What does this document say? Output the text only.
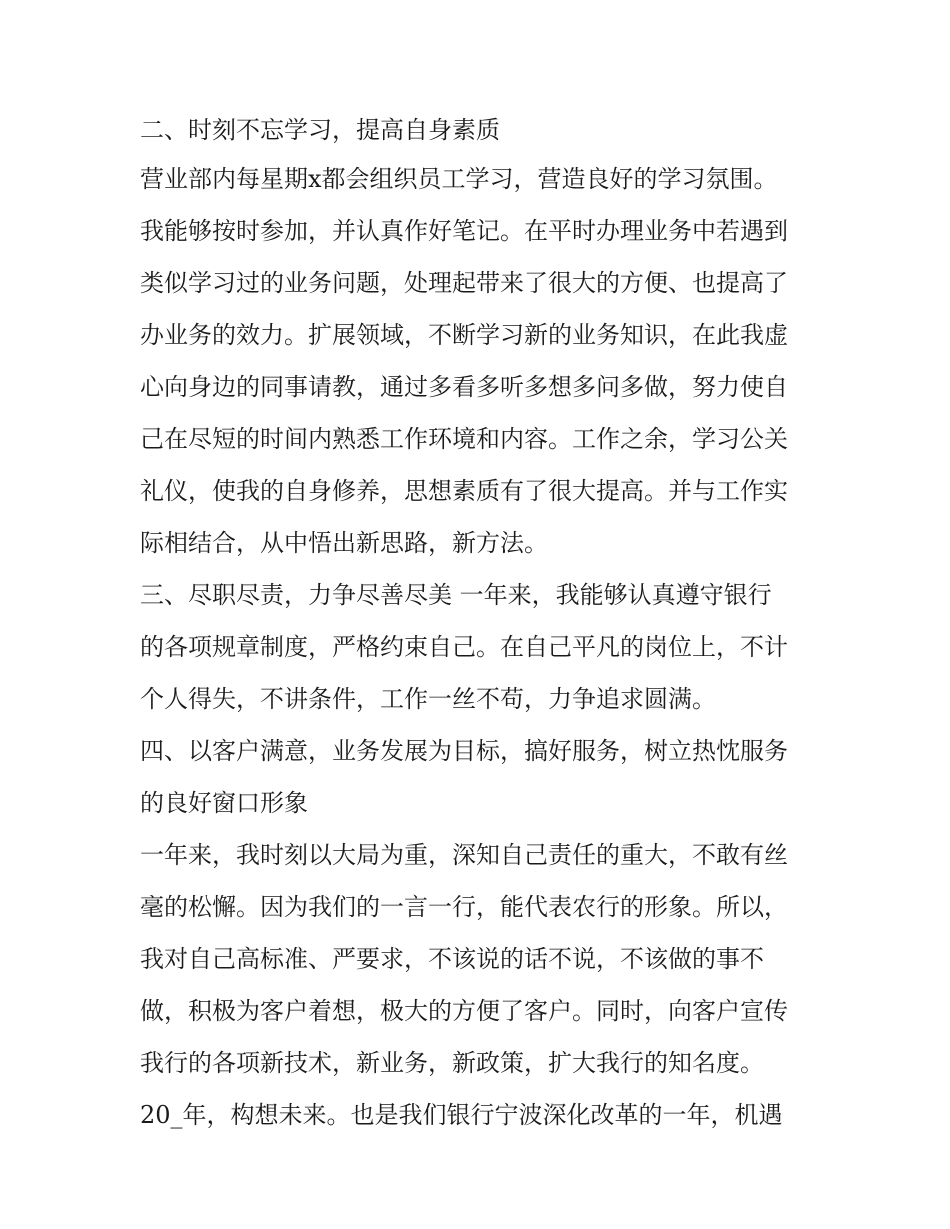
二、时刻不忘学习，提高自身素质
营业部内每星期x都会组织员工学习，营造良好的学习氛围。
我能够按时参加，并认真作好笔记。在平时办理业务中若遇到
类似学习过的业务问题，处理起带来了很大的方便、也提高了
办业务的效力。扩展领域，不断学习新的业务知识，在此我虚
心向身边的同事请教，通过多看多听多想多问多做，努力使自
己在尽短的时间内熟悉工作环境和内容。工作之余，学习公关
礼仪，使我的自身修养，思想素质有了很大提高。并与工作实
际相结合，从中悟出新思路，新方法。
三、尽职尽责，力争尽善尽美 一年来，我能够认真遵守银行
的各项规章制度，严格约束自己。在自己平凡的岗位上，不计
个人得失，不讲条件，工作一丝不苟，力争追求圆满。
四、以客户满意，业务发展为目标，搞好服务，树立热忱服务
的良好窗口形象
一年来，我时刻以大局为重，深知自己责任的重大，不敢有丝
毫的松懈。因为我们的一言一行，能代表农行的形象。所以，
我对自己高标准、严要求，不该说的话不说，不该做的事不
做，积极为客户着想，极大的方便了客户。同时，向客户宣传
我行的各项新技术，新业务，新政策，扩大我行的知名度。
20_年，构想未来。也是我们银行宁波深化改革的一年，机遇
